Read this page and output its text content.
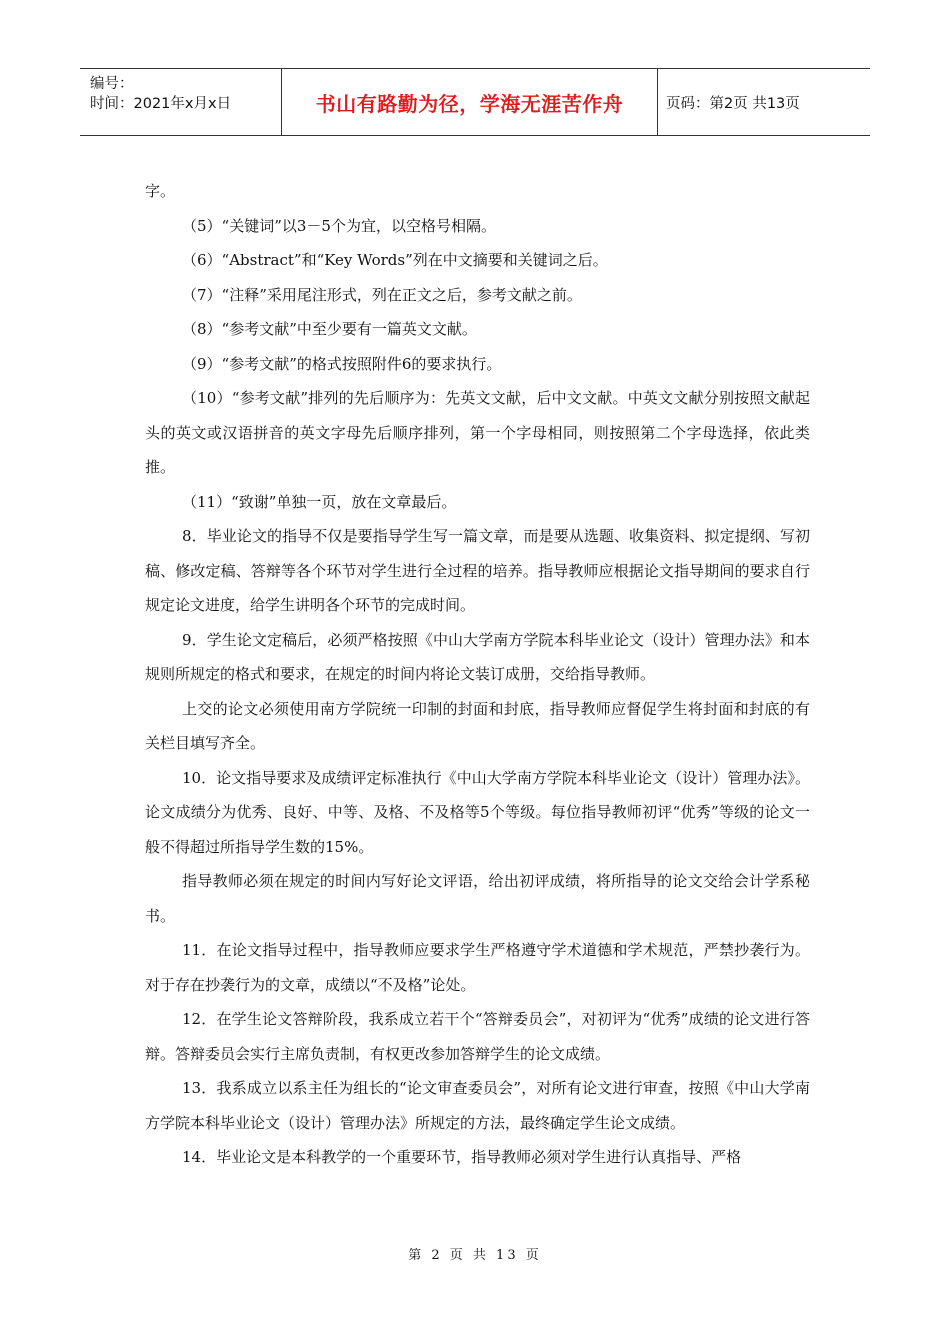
编号：
时间：2021年x月x日	书山有路勤为径，学海无涯苦作舟	页码：第2页 共13页

字。

（5）“关键词”以3－5个为宜，以空格号相隔。

（6）“Abstract”和“Key Words”列在中文摘要和关键词之后。

（7）“注释”采用尾注形式，列在正文之后，参考文献之前。

（8）“参考文献”中至少要有一篇英文文献。

（9）“参考文献”的格式按照附件6的要求执行。

（10）“参考文献”排列的先后顺序为：先英文文献，后中文文献。中英文文献分别按照文献起头的英文或汉语拼音的英文字母先后顺序排列，第一个字母相同，则按照第二个字母选择，依此类推。

（11）“致谢”单独一页，放在文章最后。

8．毕业论文的指导不仅是要指导学生写一篇文章，而是要从选题、收集资料、拟定提纲、写初稿、修改定稿、答辩等各个环节对学生进行全过程的培养。指导教师应根据论文指导期间的要求自行规定论文进度，给学生讲明各个环节的完成时间。

9．学生论文定稿后，必须严格按照《中山大学南方学院本科毕业论文（设计）管理办法》和本规则所规定的格式和要求，在规定的时间内将论文装订成册，交给指导教师。

上交的论文必须使用南方学院统一印制的封面和封底，指导教师应督促学生将封面和封底的有关栏目填写齐全。

10．论文指导要求及成绩评定标准执行《中山大学南方学院本科毕业论文（设计）管理办法》。论文成绩分为优秀、良好、中等、及格、不及格等5个等级。每位指导教师初评“优秀”等级的论文一般不得超过所指导学生数的15%。

指导教师必须在规定的时间内写好论文评语，给出初评成绩，将所指导的论文交给会计学系秘书。

11．在论文指导过程中，指导教师应要求学生严格遵守学术道德和学术规范，严禁抄袭行为。对于存在抄袭行为的文章，成绩以“不及格”论处。

12．在学生论文答辩阶段，我系成立若干个“答辩委员会”，对初评为“优秀”成绩的论文进行答辩。答辩委员会实行主席负责制，有权更改参加答辩学生的论文成绩。

13．我系成立以系主任为组长的“论文审查委员会”，对所有论文进行审查，按照《中山大学南方学院本科毕业论文（设计）管理办法》所规定的方法，最终确定学生论文成绩。

14．毕业论文是本科教学的一个重要环节，指导教师必须对学生进行认真指导、严格

第 2 页 共 13 页
